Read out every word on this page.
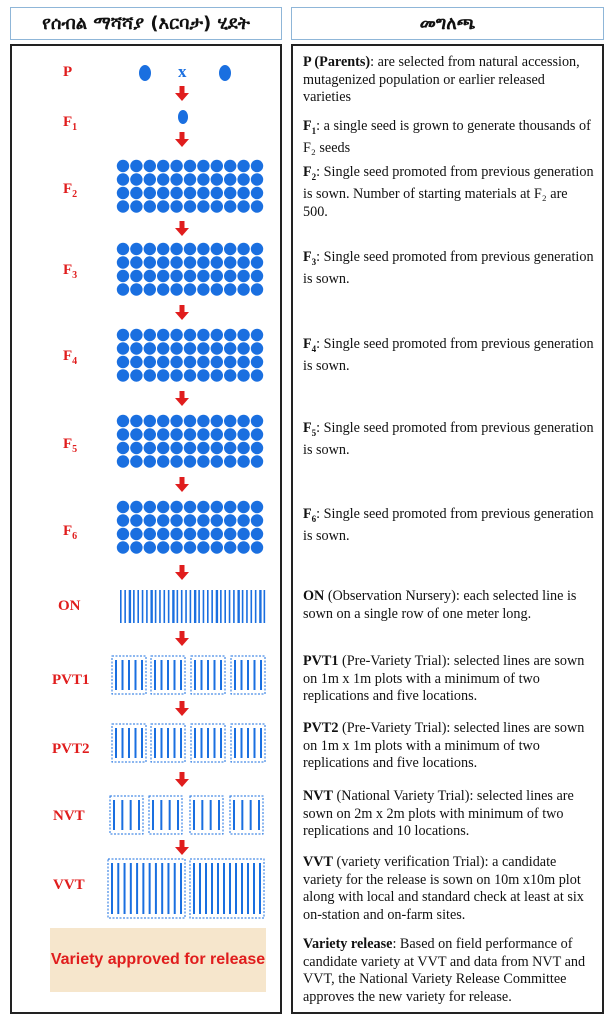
የሰብል ማሻሻያ (እርባታ) ሂደት	መግለጫ
P
$F_1$
$F_2$
$F_3$
$F_4$
$F_5$
$F_6$
ON
PVT1
PVT2
NVT
VVT
Variety approved for release
x	P (Parents): are selected from natural accession, mutagenized population or earlier released varieties
$F_1$: a single seed is grown to generate thousands of F₂ seeds
$F_2$: Single seed promoted from previous generation is sown. Number of starting materials at F₂ are 500.
$F_3$: Single seed promoted from previous generation is sown.
$F_4$: Single seed promoted from previous generation is sown.
$F_5$: Single seed promoted from previous generation is sown.
$F_6$: Single seed promoted from previous generation is sown.
ON (Observation Nursery): each selected line is sown on a single row of one meter long.
PVT1 (Pre-Variety Trial): selected lines are sown on 1m x 1m plots with a minimum of two replications and five locations.
PVT2 (Pre-Variety Trial): selected lines are sown on 1m x 1m plots with a minimum of two replications and five locations.
NVT (National Variety Trial): selected lines are sown on 2m x 2m plots with minimum of two replications and 10 locations.
VVT (variety verification Trial): a candidate variety for the release is sown on 10m x10m plot along with local and standard check at least at six on-station and on-farm sites.
Variety release: Based on field performance of candidate variety at VVT and data from NVT and VVT, the National Variety Release Committee approves the new variety for release.
